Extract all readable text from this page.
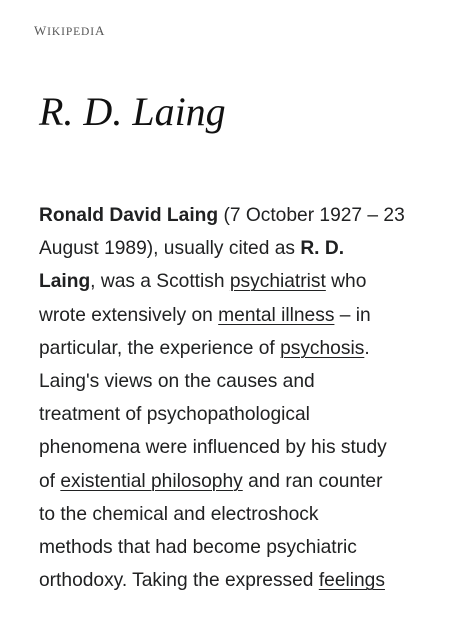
WIKIPEDIA
R. D. Laing

Ronald David Laing (7 October 1927 – 23
August 1989), usually cited as R. D.
Laing, was a Scottish psychiatrist who
wrote extensively on mental illness – in
particular, the experience of psychosis.
Laing's views on the causes and
treatment of psychopathological
phenomena were influenced by his study
of existential philosophy and ran counter
to the chemical and electroshock
methods that had become psychiatric
orthodoxy. Taking the expressed feelings
